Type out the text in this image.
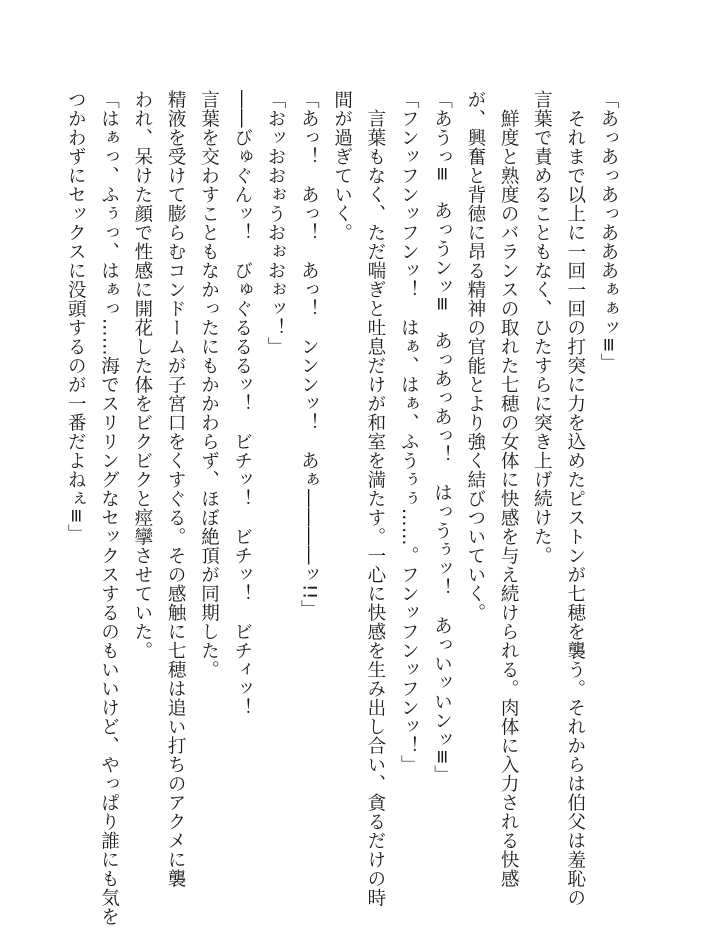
「あっあっあっあああぁぁッ≡」
それまで以上に一回一回の打突に力を込めたピストンが七穂を襲う。それからは伯父は羞恥の
言葉で責めることもなく、ひたすらに突き上げ続けた。
鮮度と熟度のバランスの取れた七穂の女体に快感を与え続けられる。肉体に入力される快感
が、興奮と背徳に昂る精神の官能とより強く結びついていく。
「あうっ≡　あっうンッ≡　あっあっあっ！　はっうぅッ！　あっいッいンッ≡」
「フンッフンッフンッ！　はぁ、はぁ、ふうぅぅ……。フンッフンッフンッ！」
言葉もなく、ただ喘ぎと吐息だけが和室を満たす。一心に快感を生み出し合い、貪るだけの時
間が過ぎていく。
「あっ！　あっ！　あっ！　ンンンッ！　あぁ――――ッ!!」
「おッおおぉうおぉおぉッ！」
――びゅぐんッ！　びゅぐるるるッ！　ビチッ！　ビチッ！　ビチィッ！
言葉を交わすこともなかったにもかかわらず、ほぼ絶頂が同期した。
精液を受けて膨らむコンドームが子宮口をくすぐる。その感触に七穂は追い打ちのアクメに襲
われ、呆けた顔で性感に開花した体をビクビクと痙攣させていた。
「はぁっ、ふぅっ、はぁっ……海でスリリングなセックスするのもいいけど、やっぱり誰にも気を
つかわずにセックスに没頭するのが一番だよねぇ≡」
